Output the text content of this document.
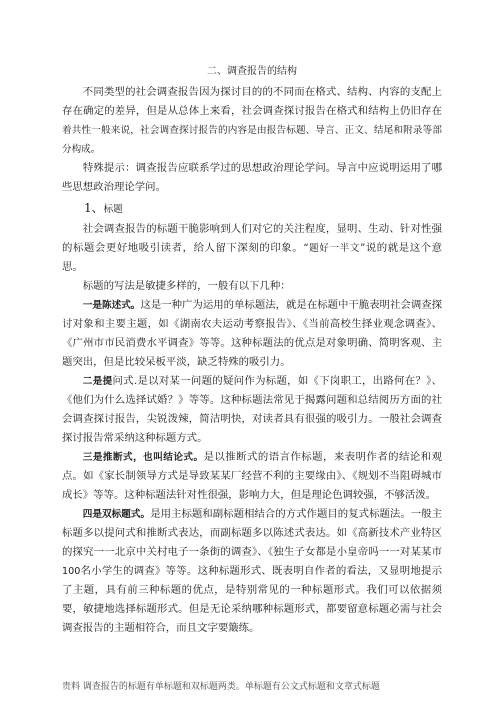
二、调查报告的结构

不同类型的社会调查报告因为探讨目的的不同而在格式、结构、内容的支配上存在确定的差异，但是从总体上来看，社会调查探讨报告在格式和结构上仍旧存在着共性一般来说，社会调查探讨报告的内容是由报告标题、导言、正文、结尾和附录等部分构成。

特殊提示：调查报告应联系学过的思想政治理论学问。导言中应说明运用了哪些思想政治理论学问。

1、标题

社会调查报告的标题干脆影响到人们对它的关注程度，显明、生动、针对性强的标题会更好地吸引读者，给人留下深刻的印象。“题好一半文”说的就是这个意思。

标题的写法是敏捷多样的，一般有以下几种：

一是陈述式。这是一种广为运用的单标题法，就是在标题中干脆表明社会调查探讨对象和主要主题，如《湖南农夫运动考察报告》、《当前高校生择业观念调查》、《广州市市民消费水平调查》等等。这种标题法的优点是对象明确、简明客观、主题突出，但是比较呆板平淡，缺乏特殊的吸引力。

二是提问式.是以对某一问题的疑问作为标题，如《下岗职工，出路何在？》、《他们为什么选择试婚？》等等。这种标题法常见于揭露问题和总结阅历方面的社会调查探讨报告，尖锐泼辣，简洁明快，对读者具有很强的吸引力。一般社会调查探讨报告常采纳这种标题方式。

三是推断式，也叫结论式。是以推断式的语言作标题，来表明作者的结论和观点。如《家长制领导方式是导致某某厂经营不利的主要缘由》、《规划不当阻碍城市成长》等等。这种标题法针对性很强，影响力大，但是理论色调较强，不够活泼。

四是双标题式。是用主标题和副标题相结合的方式作题目的复式标题法。一般主标题多以提问式和推断式表达，而副标题多以陈述式表达。如《高新技术产业特区的探究一一北京中关村电子一条街的调查》、《独生子女都是小皇帝吗一一对某某市100名小学生的调查》等等。这种标题形式、既表明自作者的看法，又显明地提示了主题，具有前三种标题的优点，是特别常见的一种标题形式。我们可以依据须要，敏捷地选择标题形式。但是无论采纳哪种标题形式，都要留意标题必需与社会调查报告的主题相符合，而且文字要簸练。

贵料 调查报告的标题有单标题和双标题两类。单标题有公文式标题和文章式标题
